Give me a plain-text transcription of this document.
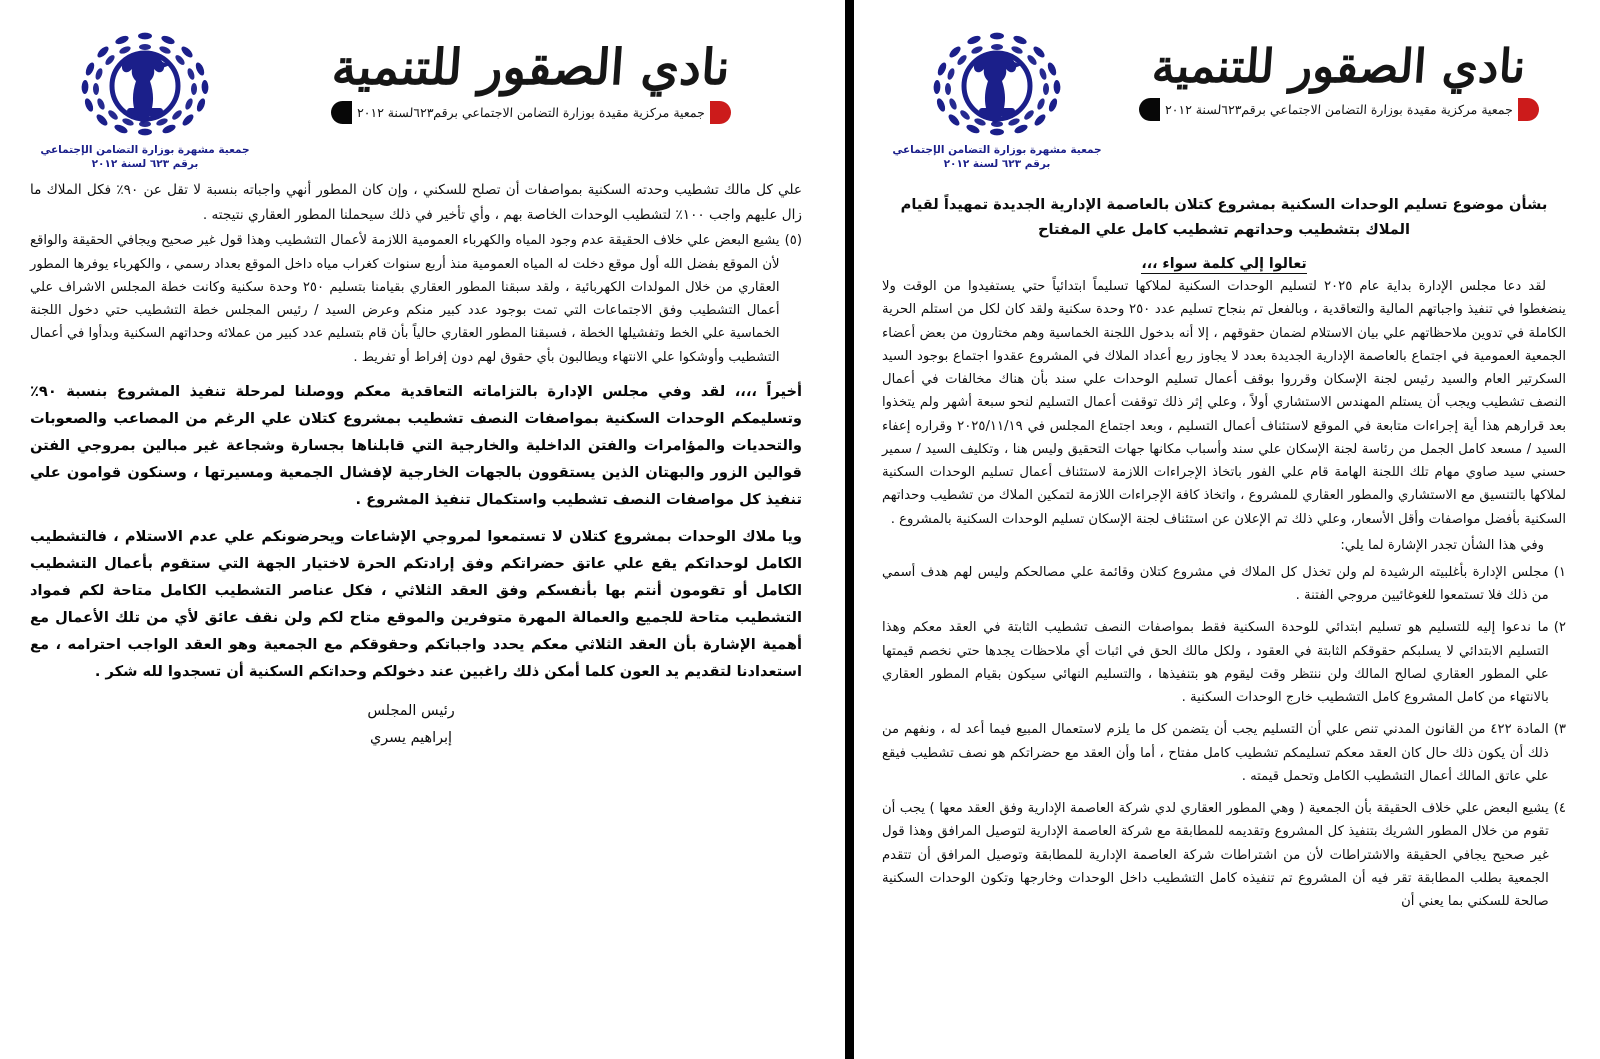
جمعية مشهرة بوزارة التضامن الإجتماعي
برقم ٦٢٣ لسنة ٢٠١٢
نادي الصقور للتنمية
جمعية مركزية مقيدة بوزارة التضامن الاجتماعي برقم٦٢٣لسنة ٢٠١٢
بشأن موضوع تسليم الوحدات السكنية بمشروع كتلان بالعاصمة الإدارية الجديدة تمهيداً لقيام الملاك بتشطيب وحداتهم تشطيب كامل علي المفتاح
تعالوا إلي كلمة سواء ،،،

لقد دعا مجلس الإدارة بداية عام ٢٠٢٥ لتسليم الوحدات السكنية لملاكها تسليماً ابتدائياً حتي يستفيدوا من الوقت ولا ينضغطوا في تنفيذ واجباتهم المالية والتعاقدية ، وبالفعل تم بنجاح تسليم عدد ٢٥٠ وحدة سكنية ولقد كان لكل من استلم الحرية الكاملة في تدوين ملاحظاتهم علي بيان الاستلام لضمان حقوقهم ، إلا أنه بدخول اللجنة الخماسية وهم مختارون من بعض أعضاء الجمعية العمومية في اجتماع بالعاصمة الإدارية الجديدة بعدد لا يجاوز ربع أعداد الملاك في المشروع عقدوا اجتماع بوجود السيد السكرتير العام والسيد رئيس لجنة الإسكان وقرروا بوقف أعمال تسليم الوحدات علي سند بأن هناك مخالفات في أعمال النصف تشطيب ويجب أن يستلم المهندس الاستشاري أولاً ، وعلي إثر ذلك توقفت أعمال التسليم لنحو سبعة أشهر ولم يتخذوا بعد قرارهم هذا أية إجراءات متابعة في الموقع لاستئناف أعمال التسليم ، وبعد اجتماع المجلس في ٢٠٢٥/١١/١٩ وقراره إعفاء السيد / مسعد كامل الجمل من رئاسة لجنة الإسكان علي سند وأسباب مكانها جهات التحقيق وليس هنا ، وتكليف السيد / سمير حسني سيد صاوي مهام تلك اللجنة الهامة قام علي الفور باتخاذ الإجراءات اللازمة لاستئناف أعمال تسليم الوحدات السكنية لملاكها بالتنسيق مع الاستشاري والمطور العقاري للمشروع ، واتخاذ كافة الإجراءات اللازمة لتمكين الملاك من تشطيب وحداتهم السكنية بأفضل مواصفات وأقل الأسعار، وعلي ذلك تم الإعلان عن استئناف لجنة الإسكان تسليم الوحدات السكنية بالمشروع .

وفي هذا الشأن تجدر الإشارة لما يلي:

١)
مجلس الإدارة بأغلبيته الرشيدة لم ولن تخذل كل الملاك في مشروع كتلان وقائمة علي مصالحكم وليس لهم هدف أسمي من ذلك فلا تستمعوا للغوغائيين مروجي الفتنة .
٢)
ما ندعوا إليه للتسليم هو تسليم ابتدائي للوحدة السكنية فقط بمواصفات النصف تشطيب الثابتة في العقد معكم وهذا التسليم الابتدائي لا يسلبكم حقوقكم الثابتة في العقود ، ولكل مالك الحق في اثبات أي ملاحظات يجدها حتي نخصم قيمتها علي المطور العقاري لصالح المالك ولن ننتظر وقت ليقوم هو بتنفيذها ، والتسليم النهائي سيكون بقيام المطور العقاري بالانتهاء من كامل المشروع كامل التشطيب خارج الوحدات السكنية .
٣)
المادة ٤٢٢ من القانون المدني تنص علي أن التسليم يجب أن يتضمن كل ما يلزم لاستعمال المبيع فيما أعد له ، ونفهم من ذلك أن يكون ذلك حال كان العقد معكم تسليمكم تشطيب كامل مفتاح ، أما وأن العقد مع حضراتكم هو نصف تشطيب فيقع علي عاتق المالك أعمال التشطيب الكامل وتحمل قيمته .
٤)
يشيع البعض علي خلاف الحقيقة بأن الجمعية ( وهي المطور العقاري لدي شركة العاصمة الإدارية وفق العقد معها ) يجب أن تقوم من خلال المطور الشريك بتنفيذ كل المشروع وتقديمه للمطابقة مع شركة العاصمة الإدارية لتوصيل المرافق وهذا قول غير صحيح يجافي الحقيقة والاشتراطات لأن من اشتراطات شركة العاصمة الإدارية للمطابقة وتوصيل المرافق أن تتقدم الجمعية بطلب المطابقة تقر فيه أن المشروع تم تنفيذه كامل التشطيب داخل الوحدات وخارجها وتكون الوحدات السكنية صالحة للسكني بما يعني أن
جمعية مشهرة بوزارة التضامن الإجتماعي
برقم ٦٢٣ لسنة ٢٠١٢
نادي الصقور للتنمية
جمعية مركزية مقيدة بوزارة التضامن الاجتماعي برقم٦٢٣لسنة ٢٠١٢

علي كل مالك تشطيب وحدته السكنية بمواصفات أن تصلح للسكني ، وإن كان المطور أنهي واجباته بنسبة لا تقل عن ٩٠٪ فكل الملاك ما زال عليهم واجب ١٠٠٪ لتشطيب الوحدات الخاصة بهم ، وأي تأخير في ذلك سيحملنا المطور العقاري نتيجته .

(٥)
يشيع البعض علي خلاف الحقيقة عدم وجود المياه والكهرباء العمومية اللازمة لأعمال التشطيب وهذا قول غير صحيح ويجافي الحقيقة والواقع لأن الموقع بفضل الله أول موقع دخلت له المياه العمومية منذ أربع سنوات كغراب مياه داخل الموقع بعداد رسمي ، والكهرباء يوفرها المطور العقاري من خلال المولدات الكهربائية ، ولقد سبقنا المطور العقاري بقيامنا بتسليم ٢٥٠ وحدة سكنية وكانت خطة المجلس الاشراف علي أعمال التشطيب وفق الاجتماعات التي تمت بوجود عدد كبير منكم وعرض السيد / رئيس المجلس خطة التشطيب حتي دخول اللجنة الخماسية علي الخط وتفشيلها الخطة ، فسبقنا المطور العقاري حالياً بأن قام بتسليم عدد كبير من عملائه وحداتهم السكنية وبدأوا في أعمال التشطيب وأوشكوا علي الانتهاء ويطالبون بأي حقوق لهم دون إفراط أو تفريط .

أخيراً ،،،، لقد وفي مجلس الإدارة بالتزاماته التعاقدية معكم ووصلنا لمرحلة تنفيذ المشروع بنسبة ٩٠٪ وتسليمكم الوحدات السكنية بمواصفات النصف تشطيب بمشروع كتلان علي الرغم من المصاعب والصعوبات والتحديات والمؤامرات والفتن الداخلية والخارجية التي قابلناها بجسارة وشجاعة غير مبالين بمروجي الفتن قوالين الزور والبهتان الذين يستقوون بالجهات الخارجية لإفشال الجمعية ومسيرتها ، وسنكون قوامون علي تنفيذ كل مواصفات النصف تشطيب واستكمال تنفيذ المشروع .

ويا ملاك الوحدات بمشروع كتلان لا تستمعوا لمروجي الإشاعات ويحرضونكم علي عدم الاستلام ، فالتشطيب الكامل لوحداتكم يقع علي عاتق حضراتكم وفق إرادتكم الحرة لاختيار الجهة التي ستقوم بأعمال التشطيب الكامل أو تقومون أنتم بها بأنفسكم وفق العقد الثلاثي ، فكل عناصر التشطيب الكامل متاحة لكم فمواد التشطيب متاحة للجميع والعمالة المهرة متوفرين والموقع متاح لكم ولن نقف عائق لأي من تلك الأعمال مع أهمية الإشارة بأن العقد الثلاثي معكم يحدد واجباتكم وحقوقكم مع الجمعية وهو العقد الواجب احترامه ، مع استعدادنا لتقديم يد العون كلما أمكن ذلك راغبين عند دخولكم وحداتكم السكنية أن تسجدوا لله شكر .

رئيس المجلس
إبراهيم يسري
